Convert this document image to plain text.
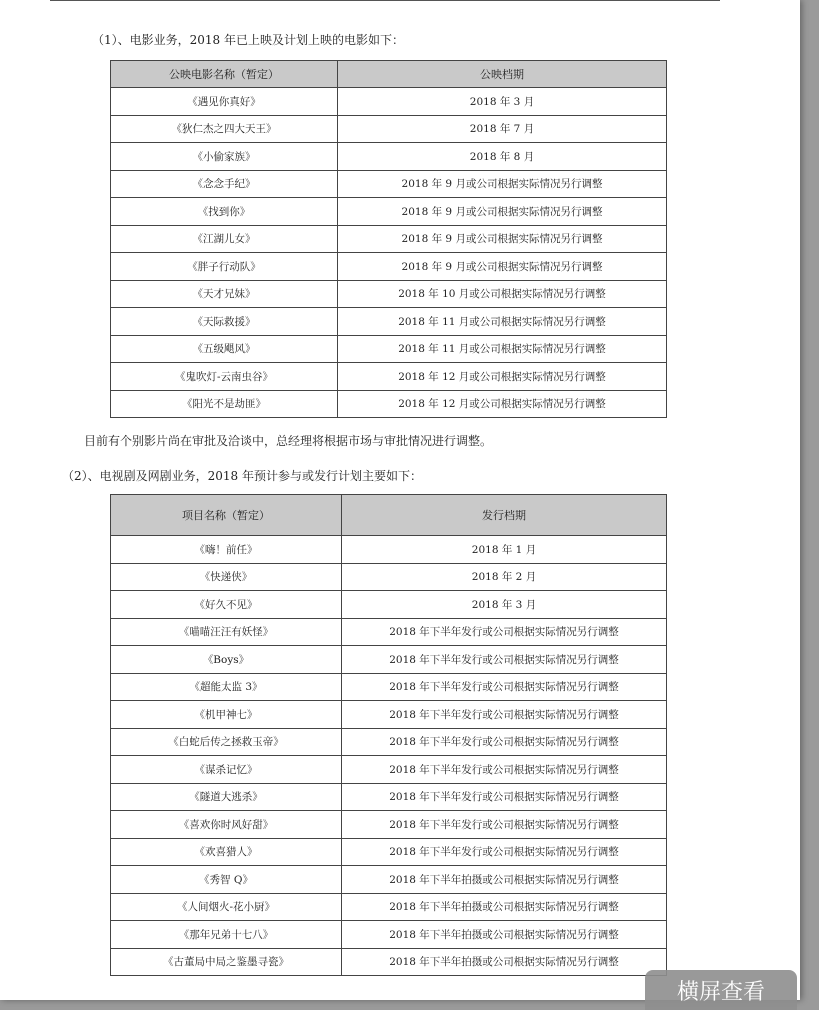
（1）、电影业务，2018 年已上映及计划上映的电影如下：
公映电影名称（暂定）	公映档期
《遇见你真好》	2018 年 3 月
《狄仁杰之四大天王》	2018 年 7 月
《小偷家族》	2018 年 8 月
《念念手纪》	2018 年 9 月或公司根据实际情况另行调整
《找到你》	2018 年 9 月或公司根据实际情况另行调整
《江湖儿女》	2018 年 9 月或公司根据实际情况另行调整
《胖子行动队》	2018 年 9 月或公司根据实际情况另行调整
《天才兄妹》	2018 年 10 月或公司根据实际情况另行调整
《天际救援》	2018 年 11 月或公司根据实际情况另行调整
《五级飓风》	2018 年 11 月或公司根据实际情况另行调整
《鬼吹灯-云南虫谷》	2018 年 12 月或公司根据实际情况另行调整
《阳光不是劫匪》	2018 年 12 月或公司根据实际情况另行调整
目前有个别影片尚在审批及洽谈中，总经理将根据市场与审批情况进行调整。
（2）、电视剧及网剧业务，2018 年预计参与或发行计划主要如下：
项目名称（暂定）	发行档期
《嗨！前任》	2018 年 1 月
《快递侠》	2018 年 2 月
《好久不见》	2018 年 3 月
《喵喵汪汪有妖怪》	2018 年下半年发行或公司根据实际情况另行调整
《Boys》	2018 年下半年发行或公司根据实际情况另行调整
《超能太监 3》	2018 年下半年发行或公司根据实际情况另行调整
《机甲神七》	2018 年下半年发行或公司根据实际情况另行调整
《白蛇后传之拯救玉帝》	2018 年下半年发行或公司根据实际情况另行调整
《谋杀记忆》	2018 年下半年发行或公司根据实际情况另行调整
《隧道大逃杀》	2018 年下半年发行或公司根据实际情况另行调整
《喜欢你时风好甜》	2018 年下半年发行或公司根据实际情况另行调整
《欢喜猎人》	2018 年下半年发行或公司根据实际情况另行调整
《秀智 Q》	2018 年下半年拍摄或公司根据实际情况另行调整
《人间烟火-花小厨》	2018 年下半年拍摄或公司根据实际情况另行调整
《那年兄弟十七八》	2018 年下半年拍摄或公司根据实际情况另行调整
《古董局中局之鉴墨寻瓷》	2018 年下半年拍摄或公司根据实际情况另行调整
横屏查看
